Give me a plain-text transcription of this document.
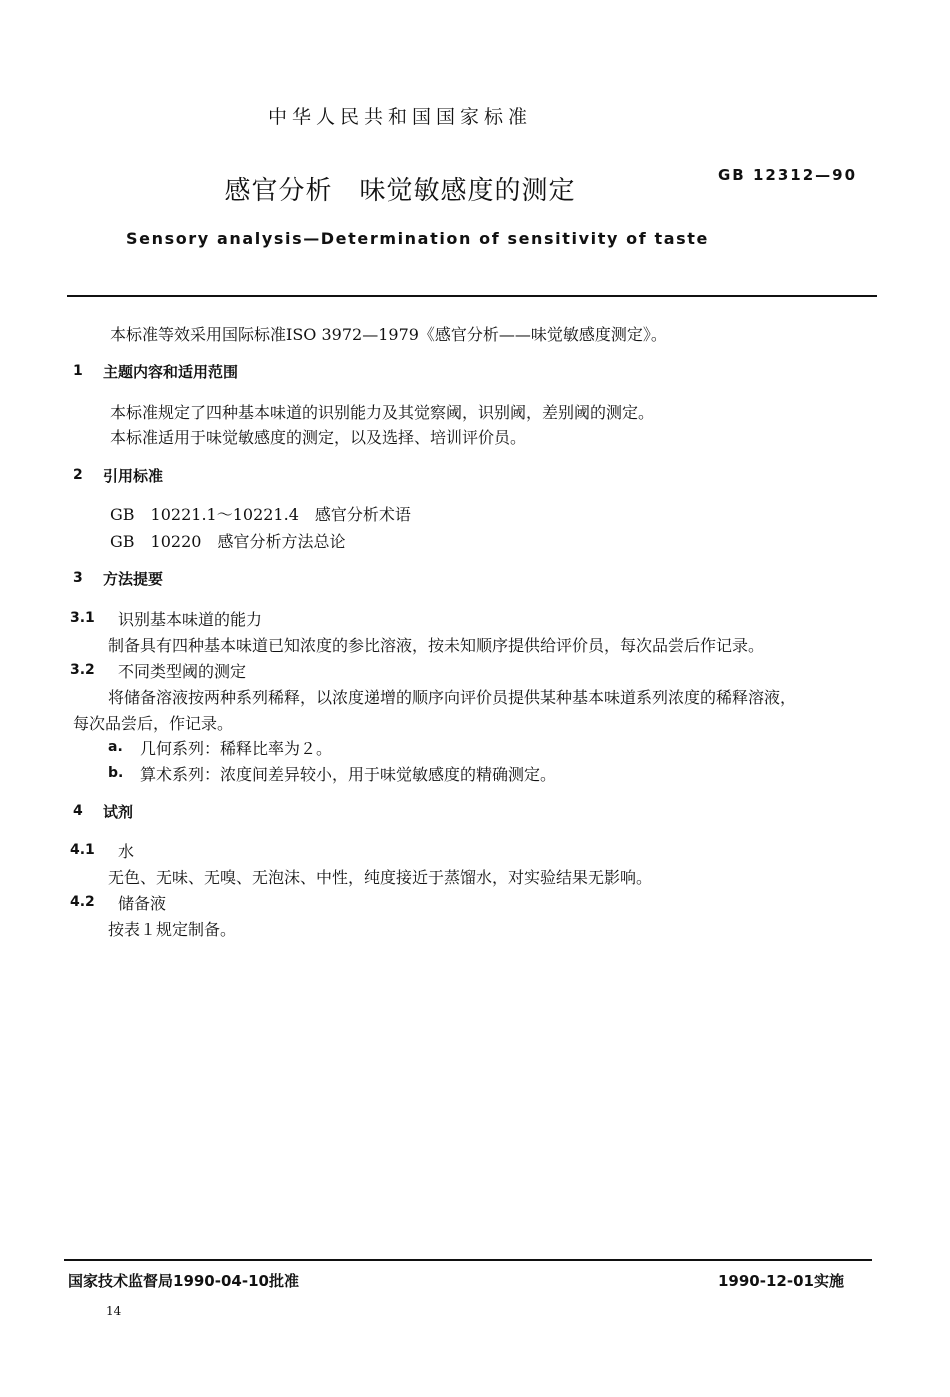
中华人民共和国国家标准
感官分析　味觉敏感度的测定
GB 12312—90
Sensory analysis—Determination of sensitivity of taste
本标准等效采用国际标准ISO 3972—1979《感官分析——味觉敏感度测定》。
1 主题内容和适用范围
本标准规定了四种基本味道的识别能力及其觉察阈，识别阈，差别阈的测定。
本标准适用于味觉敏感度的测定，以及选择、培训评价员。
2 引用标准
GB　10221.1～10221.4　感官分析术语
GB　10220　感官分析方法总论
3 方法提要
3.1 识别基本味道的能力
制备具有四种基本味道已知浓度的参比溶液，按未知顺序提供给评价员，每次品尝后作记录。
3.2 不同类型阈的测定
将储备溶液按两种系列稀释，以浓度递增的顺序向评价员提供某种基本味道系列浓度的稀释溶液，
每次品尝后，作记录。
a. 几何系列：稀释比率为２。
b. 算术系列：浓度间差异较小，用于味觉敏感度的精确测定。
4 试剂
4.1 水
无色、无味、无嗅、无泡沫、中性，纯度接近于蒸馏水，对实验结果无影响。
4.2 储备液
按表１规定制备。
国家技术监督局1990-04-10批准	1990-12-01实施
14
